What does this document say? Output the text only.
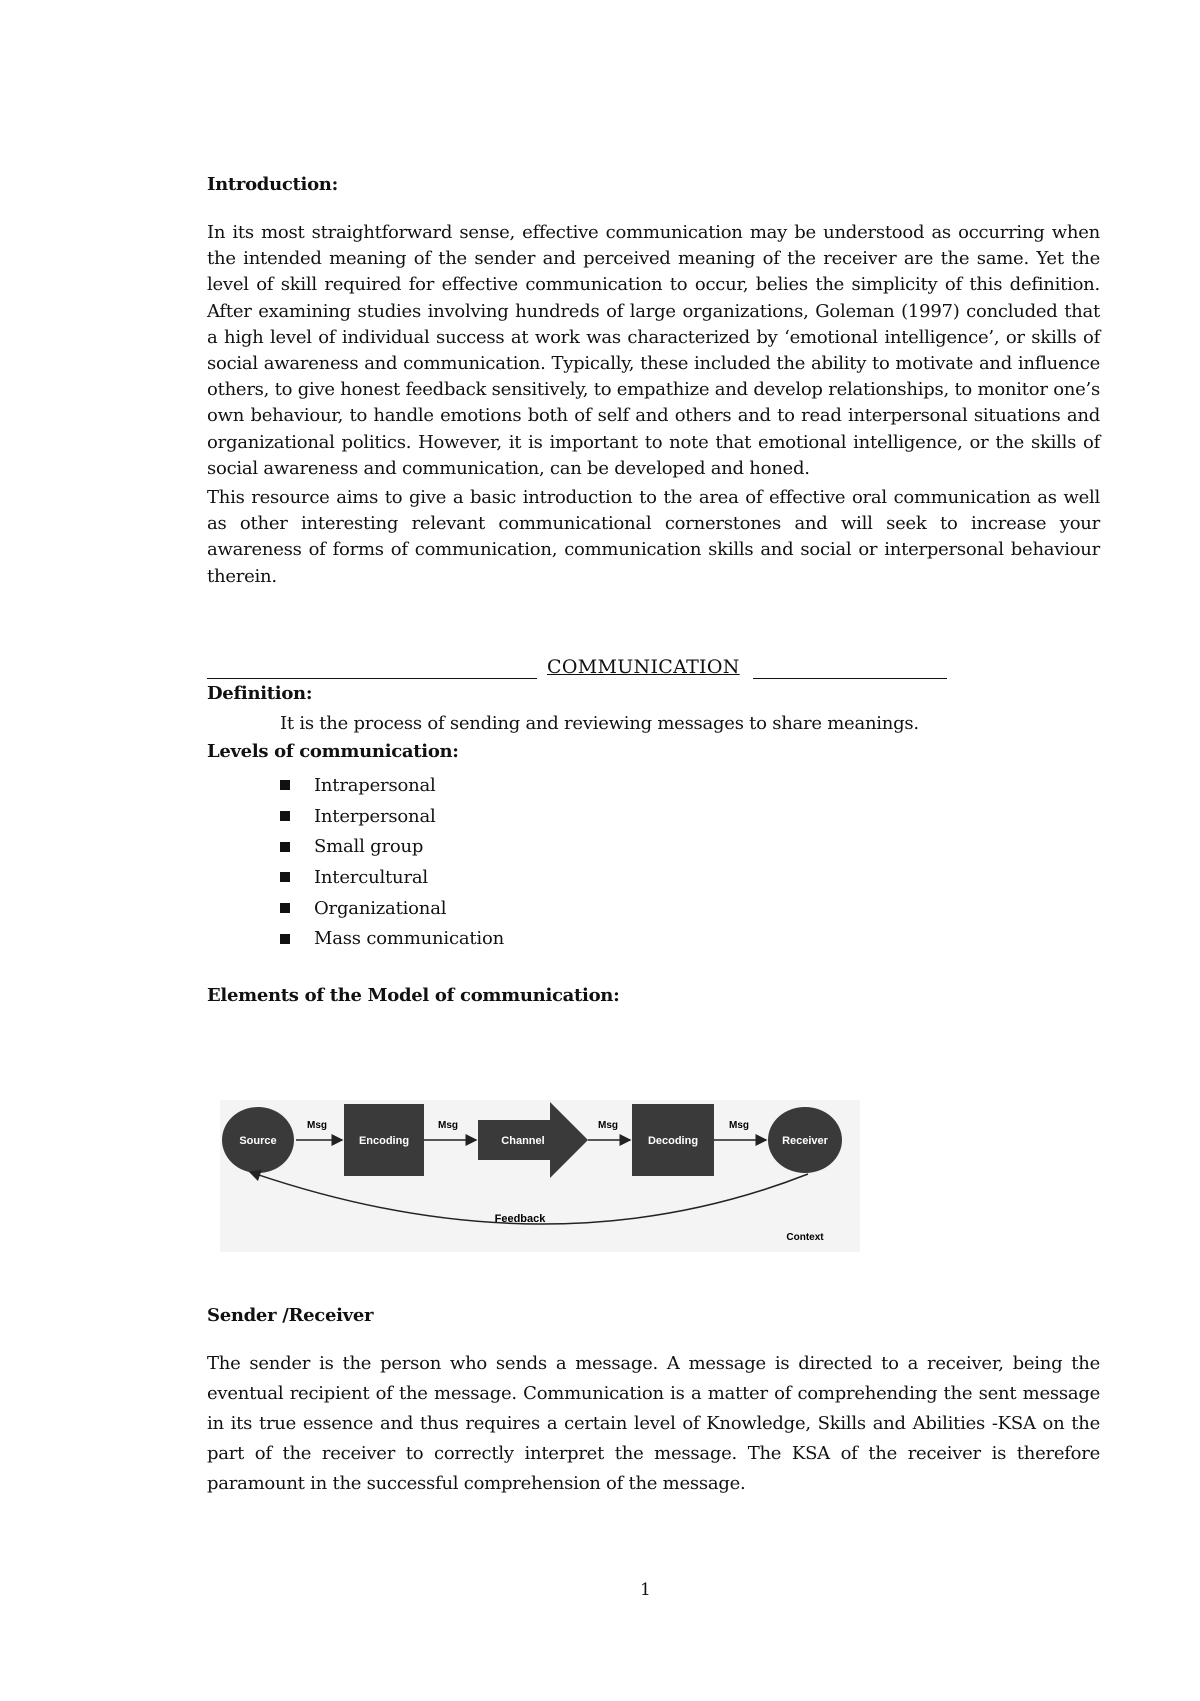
Introduction:

In its most straightforward sense, effective communication may be understood as occurring when the intended meaning of the sender and perceived meaning of the receiver are the same. Yet the level of skill required for effective communication to occur, belies the simplicity of this definition. After examining studies involving hundreds of large organizations, Goleman (1997) concluded that a high level of individual success at work was characterized by ‘emotional intelligence’, or skills of social awareness and communication. Typically, these included the ability to motivate and influence others, to give honest feedback sensitively, to empathize and develop relationships, to monitor one’s own behaviour, to handle emotions both of self and others and to read interpersonal situations and organizational politics. However, it is important to note that emotional intelligence, or the skills of social awareness and communication, can be developed and honed.

This resource aims to give a basic introduction to the area of effective oral communication as well as other interesting relevant communicational cornerstones and will seek to increase your awareness of forms of communication, communication skills and social or interpersonal behaviour therein.

COMMUNICATION
Definition:
It is the process of sending and reviewing messages to share meanings.
Levels of communication:
Intrapersonal
Interpersonal
Small group
Intercultural
Organizational
Mass communication
Elements of the Model of communication:
Source
Msg
Encoding
Msg
Channel
Msg
Decoding
Msg
Receiver
Feedback
Context
Sender /Receiver

The sender is the person who sends a message. A message is directed to a receiver, being the eventual recipient of the message. Communication is a matter of comprehending the sent message in its true essence and thus requires a certain level of Knowledge, Skills and Abilities -KSA on the part of the receiver to correctly interpret the message. The KSA of the receiver is therefore paramount in the successful comprehension of the message.

1
